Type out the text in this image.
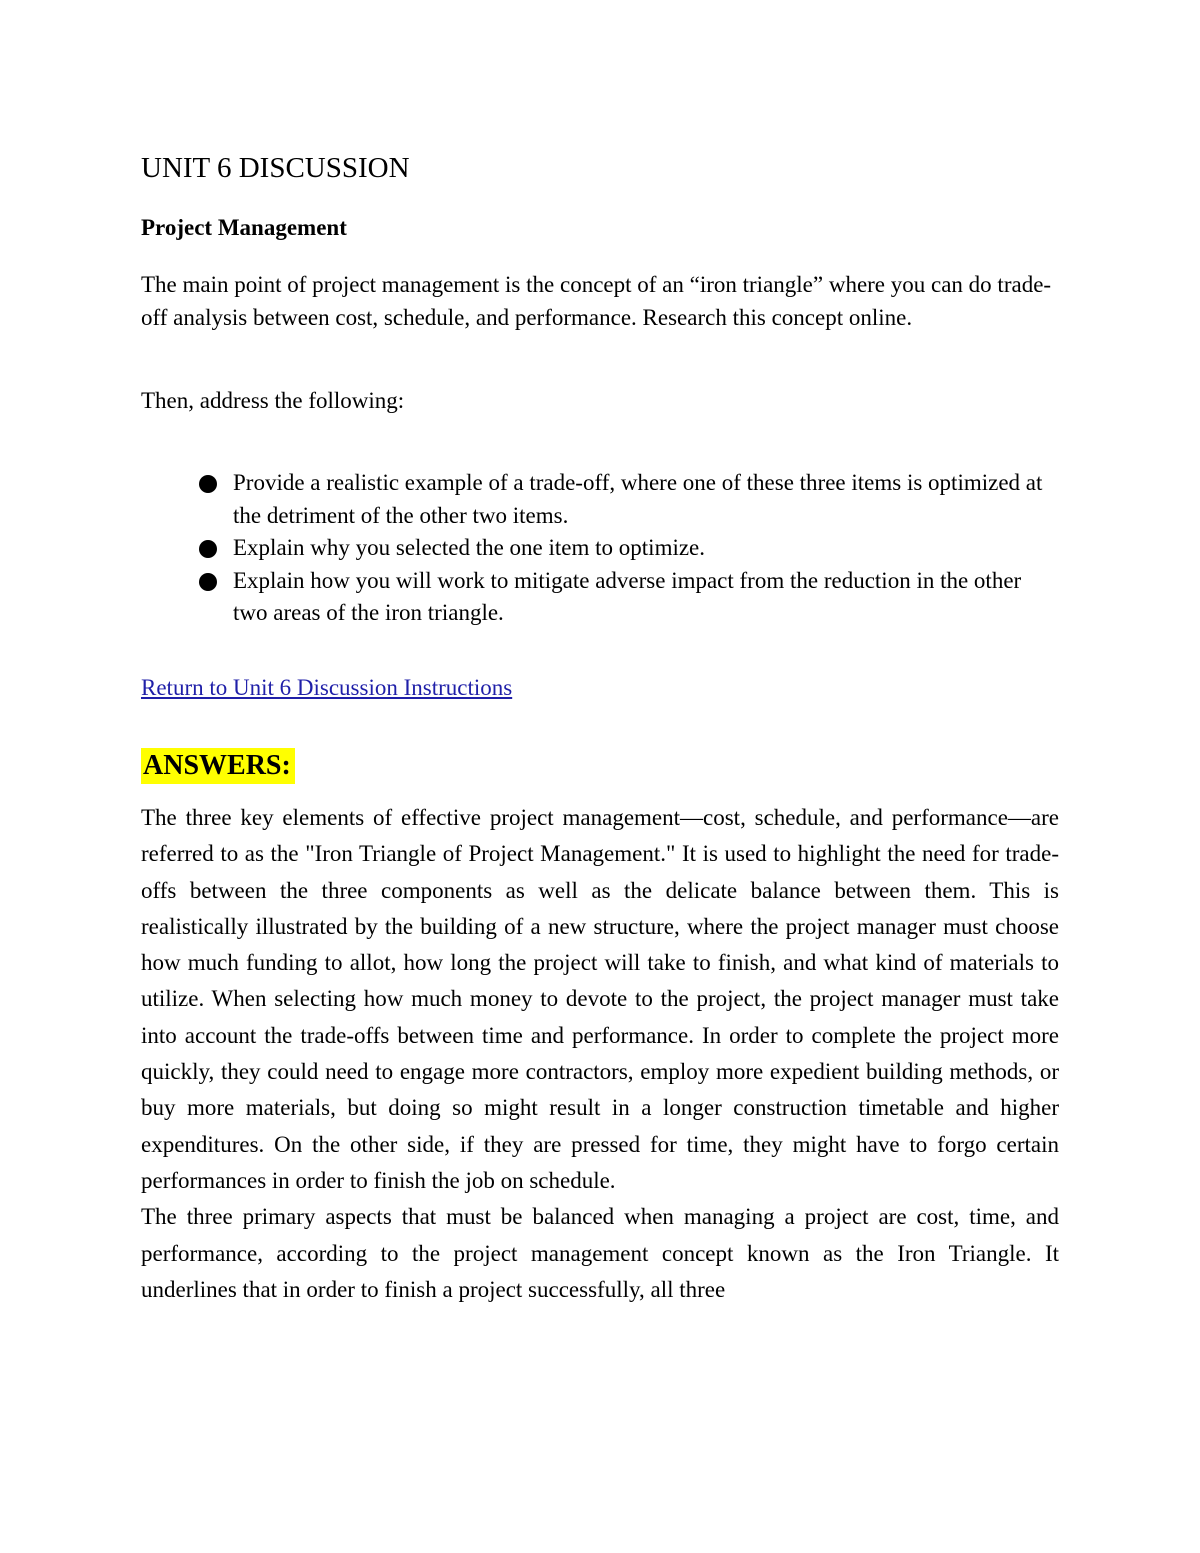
UNIT 6 DISCUSSION
Project Management

The main point of project management is the concept of an “iron triangle” where you can do trade-off analysis between cost, schedule, and performance. Research this concept online.

Then, address the following:

Provide a realistic example of a trade-off, where one of these three items is optimized at the detriment of the other two items.
Explain why you selected the one item to optimize.
Explain how you will work to mitigate adverse impact from the reduction in the other two areas of the iron triangle.
Return to Unit 6 Discussion Instructions
ANSWERS:

The three key elements of effective project management—cost, schedule, and performance—are referred to as the "Iron Triangle of Project Management." It is used to highlight the need for trade-offs between the three components as well as the delicate balance between them. This is realistically illustrated by the building of a new structure, where the project manager must choose how much funding to allot, how long the project will take to finish, and what kind of materials to utilize. When selecting how much money to devote to the project, the project manager must take into account the trade-offs between time and performance. In order to complete the project more quickly, they could need to engage more contractors, employ more expedient building methods, or buy more materials, but doing so might result in a longer construction timetable and higher expenditures. On the other side, if they are pressed for time, they might have to forgo certain performances in order to finish the job on schedule.

The three primary aspects that must be balanced when managing a project are cost, time, and performance, according to the project management concept known as the Iron Triangle. It underlines that in order to finish a project successfully, all three
